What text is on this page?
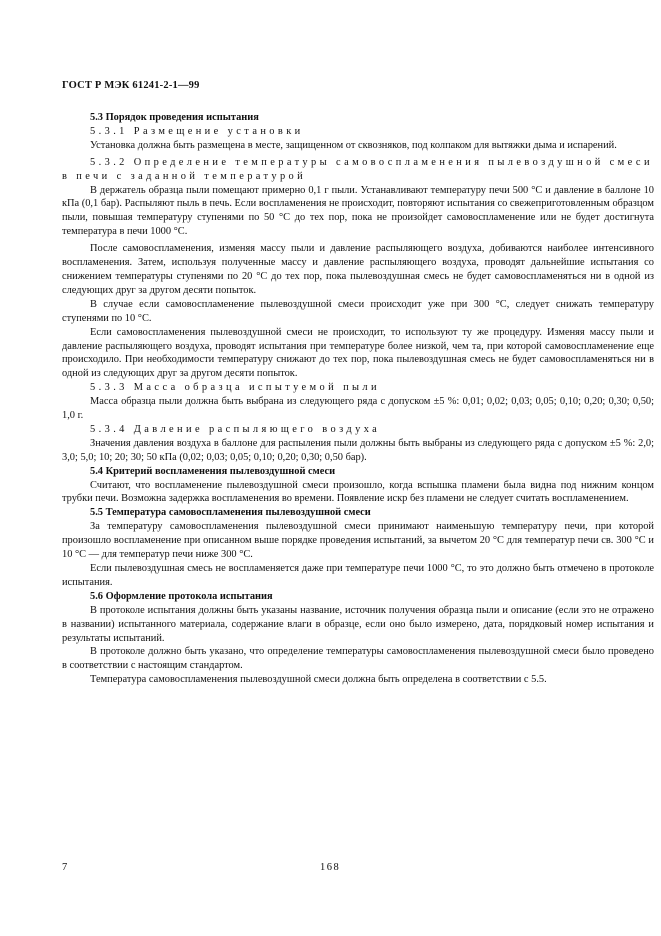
ГОСТ Р МЭК 61241-2-1—99

5.3 Порядок проведения испытания

5.3.1 Размещение установки

Установка должна быть размещена в месте, защищенном от сквозняков, под колпаком для вытяжки дыма и испарений.

5.3.2 Определение температуры самовоспламенения пылевоздушной смеси в печи с заданной температурой

В держатель образца пыли помещают примерно 0,1 г пыли. Устанавливают температуру печи 500 °С и давление в баллоне 10 кПа (0,1 бар). Распыляют пыль в печь. Если воспламенения не происходит, повторяют испытания со свежеприготовленным образцом пыли, повышая температуру ступенями по 50 °С до тех пор, пока не произойдет самовоспламенение или не будет достигнута температура в печи 1000 °С.

После самовоспламенения, изменяя массу пыли и давление распыляющего воздуха, добиваются наиболее интенсивного воспламенения. Затем, используя полученные массу и давление распыляющего воздуха, проводят дальнейшие испытания со снижением температуры ступенями по 20 °С до тех пор, пока пылевоздушная смесь не будет самовоспламеняться ни в одной из следующих друг за другом десяти попыток.

В случае если самовоспламенение пылевоздушной смеси происходит уже при 300 °С, следует снижать температуру ступенями по 10 °С.

Если самовоспламенения пылевоздушной смеси не происходит, то используют ту же процедуру. Изменяя массу пыли и давление распыляющего воздуха, проводят испытания при температуре более низкой, чем та, при которой самовоспламенение еще происходило. При необходимости температуру снижают до тех пор, пока пылевоздушная смесь не будет самовоспламеняться ни в одной из следующих друг за другом десяти попыток.

5.3.3 Масса образца испытуемой пыли

Масса образца пыли должна быть выбрана из следующего ряда с допуском ±5 %: 0,01; 0,02; 0,03; 0,05; 0,10; 0,20; 0,30; 0,50; 1,0 г.

5.3.4 Давление распыляющего воздуха

Значения давления воздуха в баллоне для распыления пыли должны быть выбраны из следующего ряда с допуском ±5 %: 2,0; 3,0; 5,0; 10; 20; 30; 50 кПа (0,02; 0,03; 0,05; 0,10; 0,20; 0,30; 0,50 бар).

5.4 Критерий воспламенения пылевоздушной смеси

Считают, что воспламенение пылевоздушной смеси произошло, когда вспышка пламени была видна под нижним концом трубки печи. Возможна задержка воспламенения во времени. Появление искр без пламени не следует считать воспламенением.

5.5 Температура самовоспламенения пылевоздушной смеси

За температуру самовоспламенения пылевоздушной смеси принимают наименьшую температуру печи, при которой произошло воспламенение при описанном выше порядке проведения испытаний, за вычетом 20 °С для температур печи св. 300 °С и 10 °С — для температур печи ниже 300 °С.

Если пылевоздушная смесь не воспламеняется даже при температуре печи 1000 °С, то это должно быть отмечено в протоколе испытания.

5.6 Оформление протокола испытания

В протоколе испытания должны быть указаны название, источник получения образца пыли и описание (если это не отражено в названии) испытанного материала, содержание влаги в образце, если оно было измерено, дата, порядковый номер испытания и результаты испытаний.

В протоколе должно быть указано, что определение температуры самовоспламенения пылевоздушной смеси было проведено в соответствии с настоящим стандартом.

Температура самовоспламенения пылевоздушной смеси должна быть определена в соответствии с 5.5.

7	168
